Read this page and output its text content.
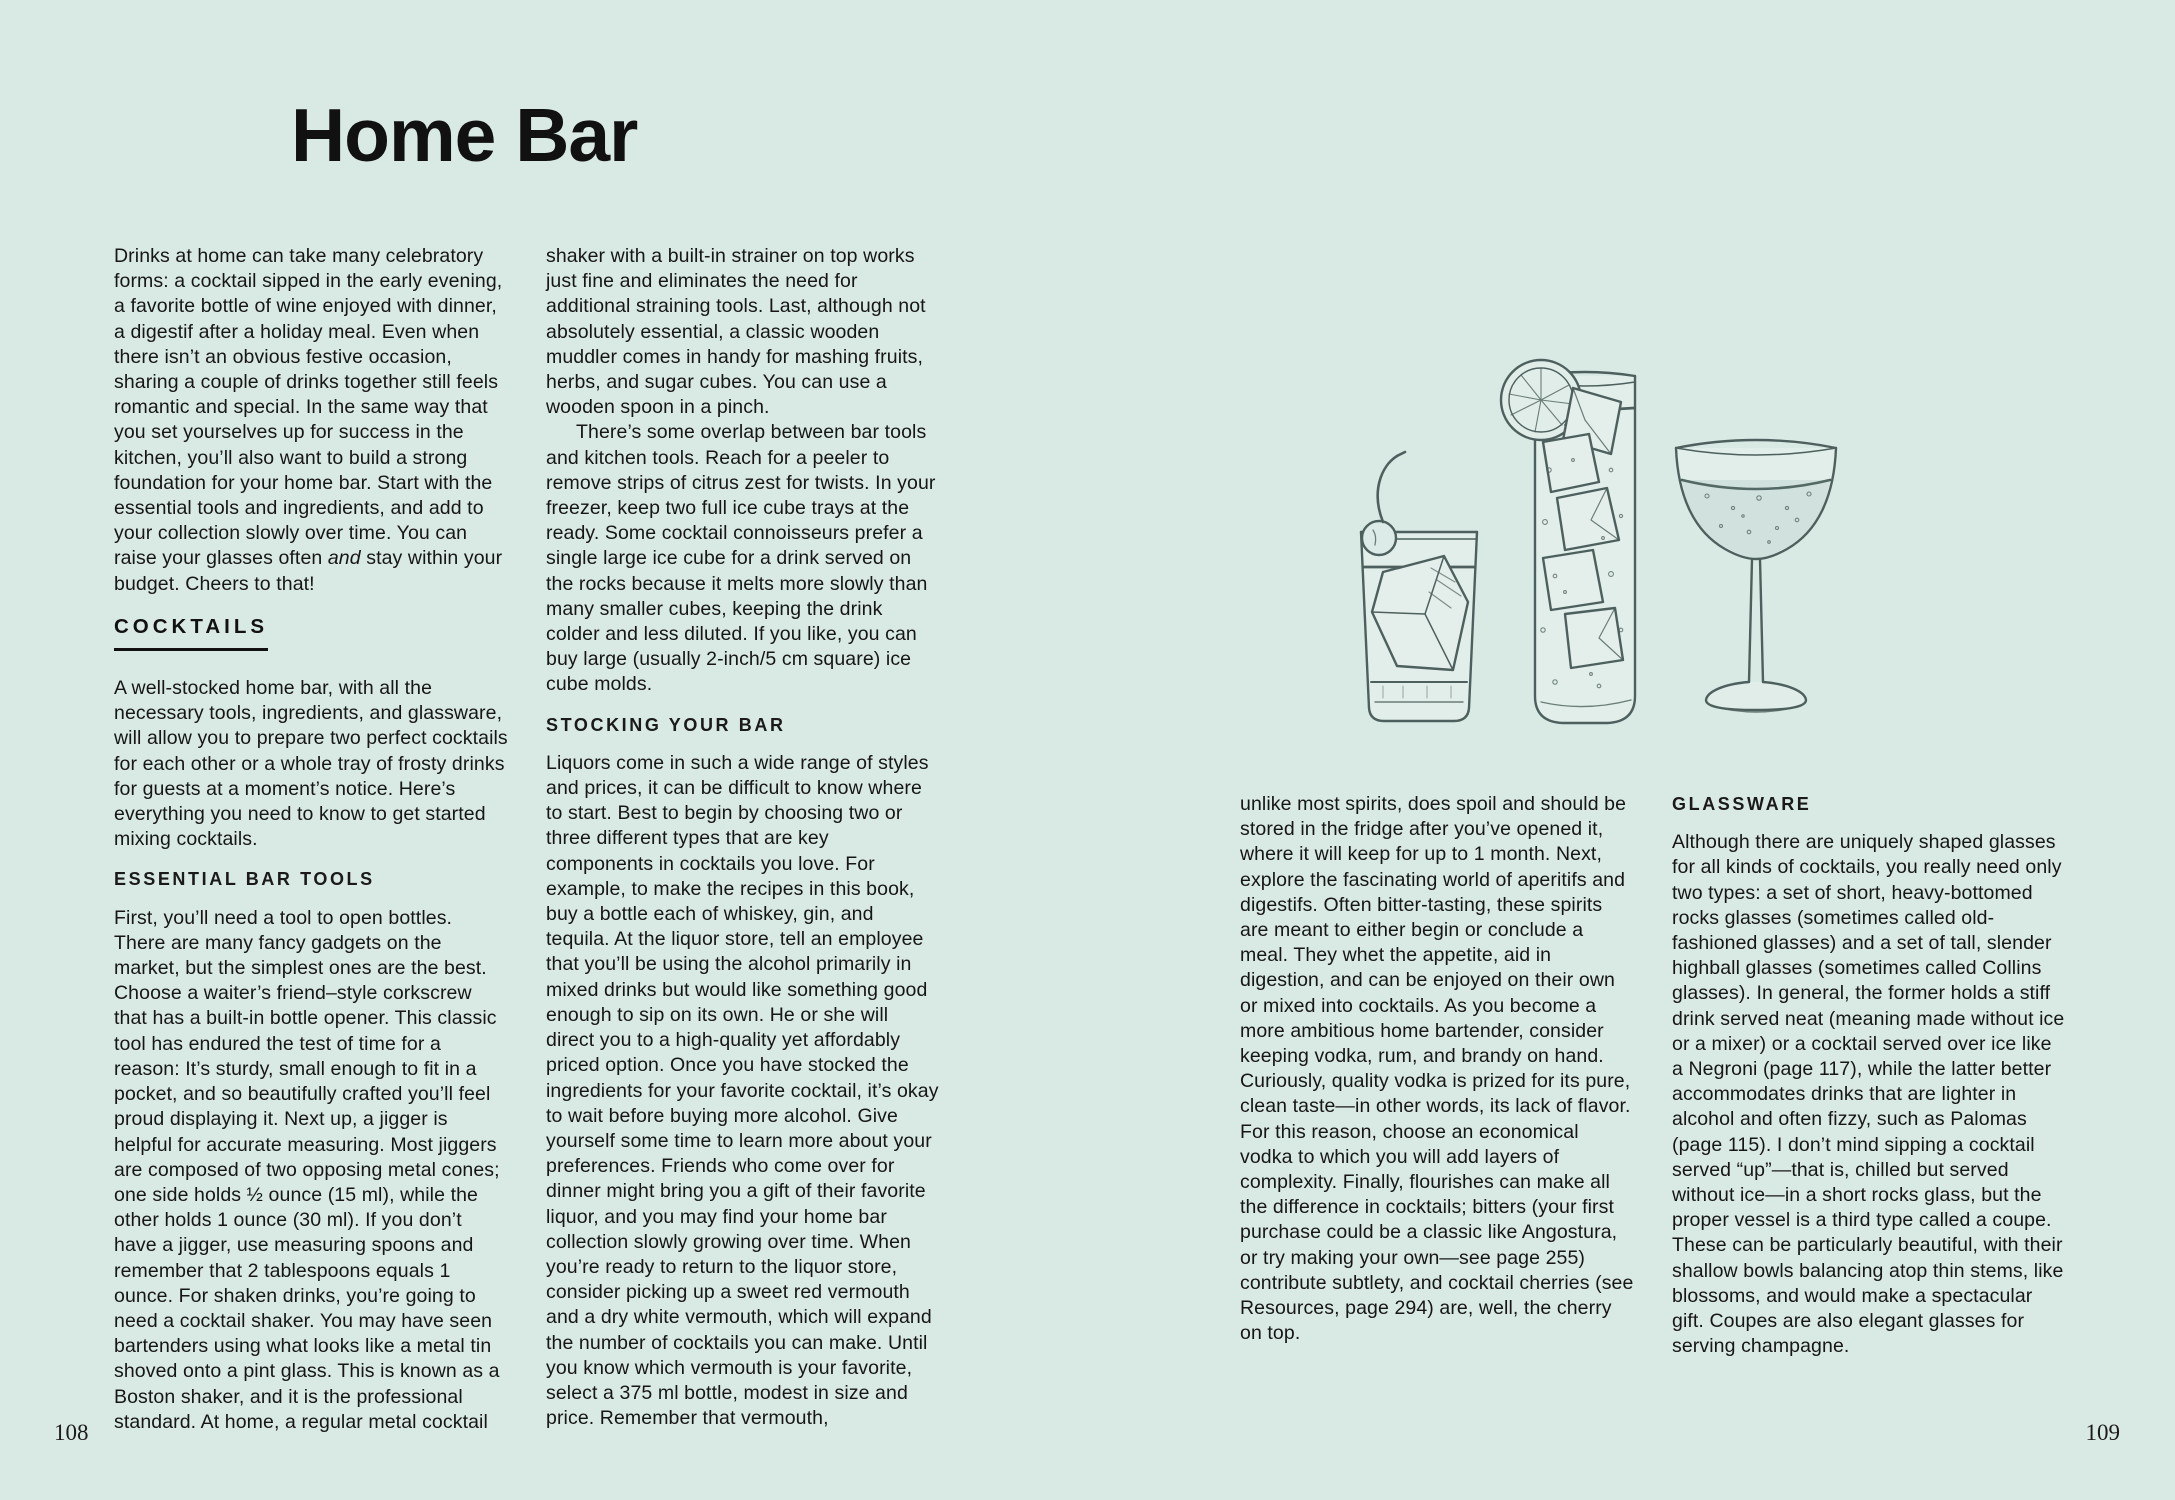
Home Bar

Drinks at home can take many celebratory forms: a cocktail sipped in the early evening, a favorite bottle of wine enjoyed with dinner, a digestif after a holiday meal. Even when there isn’t an obvious festive occasion, sharing a couple of drinks together still feels romantic and special. In the same way that you set yourselves up for success in the kitchen, you’ll also want to build a strong foundation for your home bar. Start with the essential tools and ingredients, and add to your collection slowly over time. You can raise your glasses often and stay within your budget. Cheers to that!

COCKTAILS

A well-stocked home bar, with all the necessary tools, ingredients, and glassware, will allow you to prepare two perfect cocktails for each other or a whole tray of frosty drinks for guests at a moment’s notice. Here’s everything you need to know to get started mixing cocktails.

ESSENTIAL BAR TOOLS

First, you’ll need a tool to open bottles. There are many fancy gadgets on the market, but the simplest ones are the best. Choose a waiter’s friend–style corkscrew that has a built-in bottle opener. This classic tool has endured the test of time for a reason: It’s sturdy, small enough to fit in a pocket, and so beautifully crafted you’ll feel proud displaying it. Next up, a jigger is helpful for accurate measuring. Most jiggers are composed of two opposing metal cones; one side holds ½ ounce (15 ml), while the other holds 1 ounce (30 ml). If you don’t have a jigger, use measuring spoons and remember that 2 tablespoons equals 1 ounce. For shaken drinks, you’re going to need a cocktail shaker. You may have seen bartenders using what looks like a metal tin shoved onto a pint glass. This is known as a Boston shaker, and it is the professional standard. At home, a regular metal cocktail

shaker with a built-in strainer on top works just fine and eliminates the need for additional straining tools. Last, although not absolutely essential, a classic wooden muddler comes in handy for mashing fruits, herbs, and sugar cubes. You can use a wooden spoon in a pinch.

There’s some overlap between bar tools and kitchen tools. Reach for a peeler to remove strips of citrus zest for twists. In your freezer, keep two full ice cube trays at the ready. Some cocktail connoisseurs prefer a single large ice cube for a drink served on the rocks because it melts more slowly than many smaller cubes, keeping the drink colder and less diluted. If you like, you can buy large (usually 2-inch/5 cm square) ice cube molds.

STOCKING YOUR BAR

Liquors come in such a wide range of styles and prices, it can be difficult to know where to start. Best to begin by choosing two or three different types that are key components in cocktails you love. For example, to make the recipes in this book, buy a bottle each of whiskey, gin, and tequila. At the liquor store, tell an employee that you’ll be using the alcohol primarily in mixed drinks but would like something good enough to sip on its own. He or she will direct you to a high-quality yet affordably priced option. Once you have stocked the ingredients for your favorite cocktail, it’s okay to wait before buying more alcohol. Give yourself some time to learn more about your preferences. Friends who come over for dinner might bring you a gift of their favorite liquor, and you may find your home bar collection slowly growing over time. When you’re ready to return to the liquor store, consider picking up a sweet red vermouth and a dry white vermouth, which will expand the number of cocktails you can make. Until you know which vermouth is your favorite, select a 375 ml bottle, modest in size and price. Remember that vermouth,

unlike most spirits, does spoil and should be stored in the fridge after you’ve opened it, where it will keep for up to 1 month. Next, explore the fascinating world of aperitifs and digestifs. Often bitter-tasting, these spirits are meant to either begin or conclude a meal. They whet the appetite, aid in digestion, and can be enjoyed on their own or mixed into cocktails. As you become a more ambitious home bartender, consider keeping vodka, rum, and brandy on hand. Curiously, quality vodka is prized for its pure, clean taste—in other words, its lack of flavor. For this reason, choose an economical vodka to which you will add layers of complexity. Finally, flourishes can make all the difference in cocktails; bitters (your first purchase could be a classic like Angostura, or try making your own—see page 255) contribute subtlety, and cocktail cherries (see Resources, page 294) are, well, the cherry on top.

GLASSWARE

Although there are uniquely shaped glasses for all kinds of cocktails, you really need only two types: a set of short, heavy-bottomed rocks glasses (sometimes called old-fashioned glasses) and a set of tall, slender highball glasses (sometimes called Collins glasses). In general, the former holds a stiff drink served neat (meaning made without ice or a mixer) or a cocktail served over ice like a Negroni (page 117), while the latter better accommodates drinks that are lighter in alcohol and often fizzy, such as Palomas (page 115). I don’t mind sipping a cocktail served “up”—that is, chilled but served without ice—in a short rocks glass, but the proper vessel is a third type called a coupe. These can be particularly beautiful, with their shallow bowls balancing atop thin stems, like blossoms, and would make a spectacular gift. Coupes are also elegant glasses for serving champagne.

108	109
